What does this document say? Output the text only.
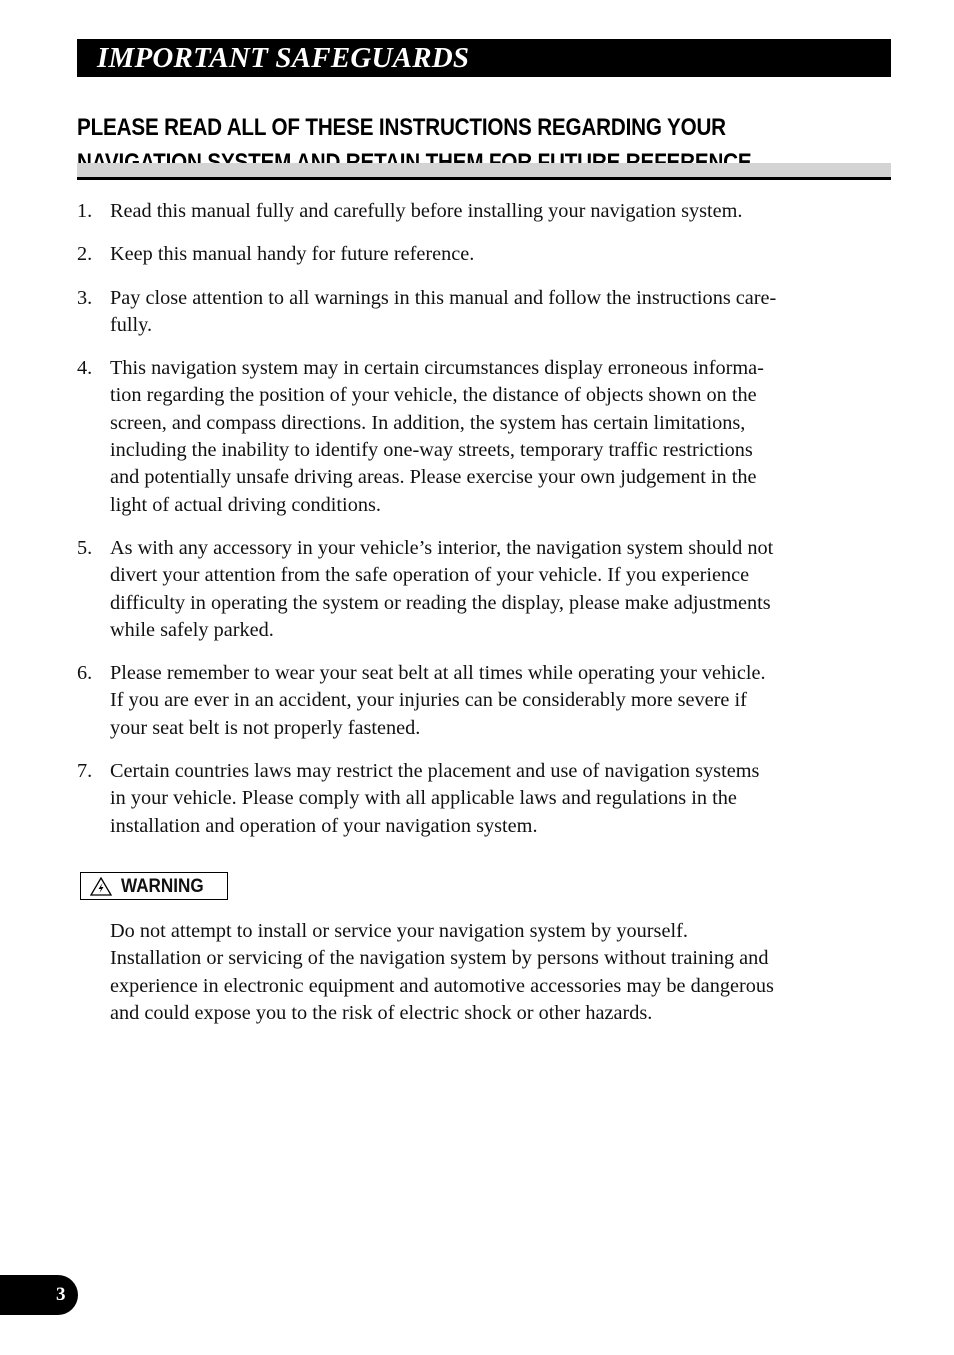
IMPORTANT SAFEGUARDS
PLEASE READ ALL OF THESE INSTRUCTIONS REGARDING YOUR
1. Read this manual fully and carefully before installing your navigation system.
2. Keep this manual handy for future reference.
3. Pay close attention to all warnings in this manual and follow the instructions care-
fully.
4. This navigation system may in certain circumstances display erroneous informa-
tion regarding the position of your vehicle, the distance of objects shown on the
screen, and compass directions. In addition, the system has certain limitations,
including the inability to identify one-way streets, temporary traffic restrictions
and potentially unsafe driving areas. Please exercise your own judgement in the
light of actual driving conditions.
5. As with any accessory in your vehicle’s interior, the navigation system should not
divert your attention from the safe operation of your vehicle. If you experience
difficulty in operating the system or reading the display, please make adjustments
while safely parked.
6. Please remember to wear your seat belt at all times while operating your vehicle.
If you are ever in an accident, your injuries can be considerably more severe if
your seat belt is not properly fastened.
7. Certain countries laws may restrict the placement and use of navigation systems
in your vehicle. Please comply with all applicable laws and regulations in the
installation and operation of your navigation system.
WARNING
Do not attempt to install or service your navigation system by yourself.
Installation or servicing of the navigation system by persons without training and
experience in electronic equipment and automotive accessories may be dangerous
and could expose you to the risk of electric shock or other hazards.
3
